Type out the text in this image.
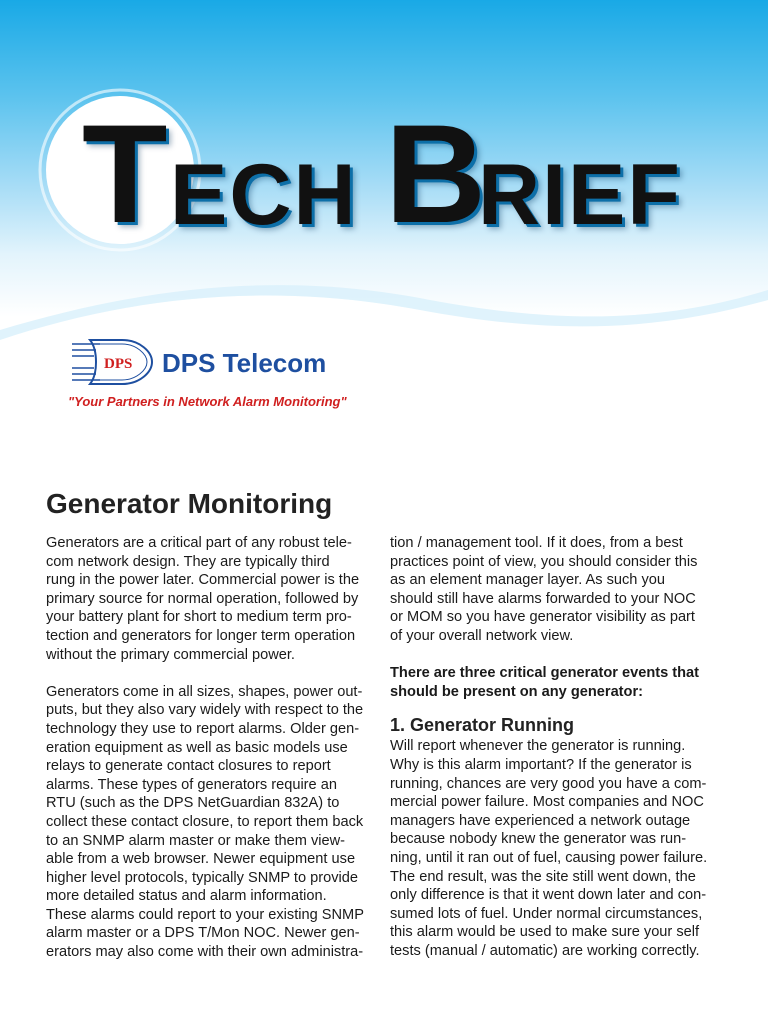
T ECH B
RIEF
DPS DPS Telecom
"Your Partners in Network Alarm Monitoring"
Generator Monitoring

Generators are a critical part of any robust tele-
com network design. They are typically third
rung in the power later. Commercial power is the
primary source for normal operation, followed by
your battery plant for short to medium term pro-
tection and generators for longer term operation
without the primary commercial power.

Generators come in all sizes, shapes, power out-
puts, but they also vary widely with respect to the
technology they use to report alarms. Older gen-
eration equipment as well as basic models use
relays to generate contact closures to report
alarms. These types of generators require an
RTU (such as the DPS NetGuardian 832A) to
collect these contact closure, to report them back
to an SNMP alarm master or make them view-
able from a web browser. Newer equipment use
higher level protocols, typically SNMP to provide
more detailed status and alarm information.
These alarms could report to your existing SNMP
alarm master or a DPS T/Mon NOC. Newer gen-
erators may also come with their own administra-

tion / management tool. If it does, from a best
practices point of view, you should consider this
as an element manager layer. As such you
should still have alarms forwarded to your NOC
or MOM so you have generator visibility as part
of your overall network view.

There are three critical generator events that
should be present on any generator:

1. Generator Running

Will report whenever the generator is running.
Why is this alarm important? If the generator is
running, chances are very good you have a com-
mercial power failure. Most companies and NOC
managers have experienced a network outage
because nobody knew the generator was run-
ning, until it ran out of fuel, causing power failure.
The end result, was the site still went down, the
only difference is that it went down later and con-
sumed lots of fuel. Under normal circumstances,
this alarm would be used to make sure your self
tests (manual / automatic) are working correctly.
